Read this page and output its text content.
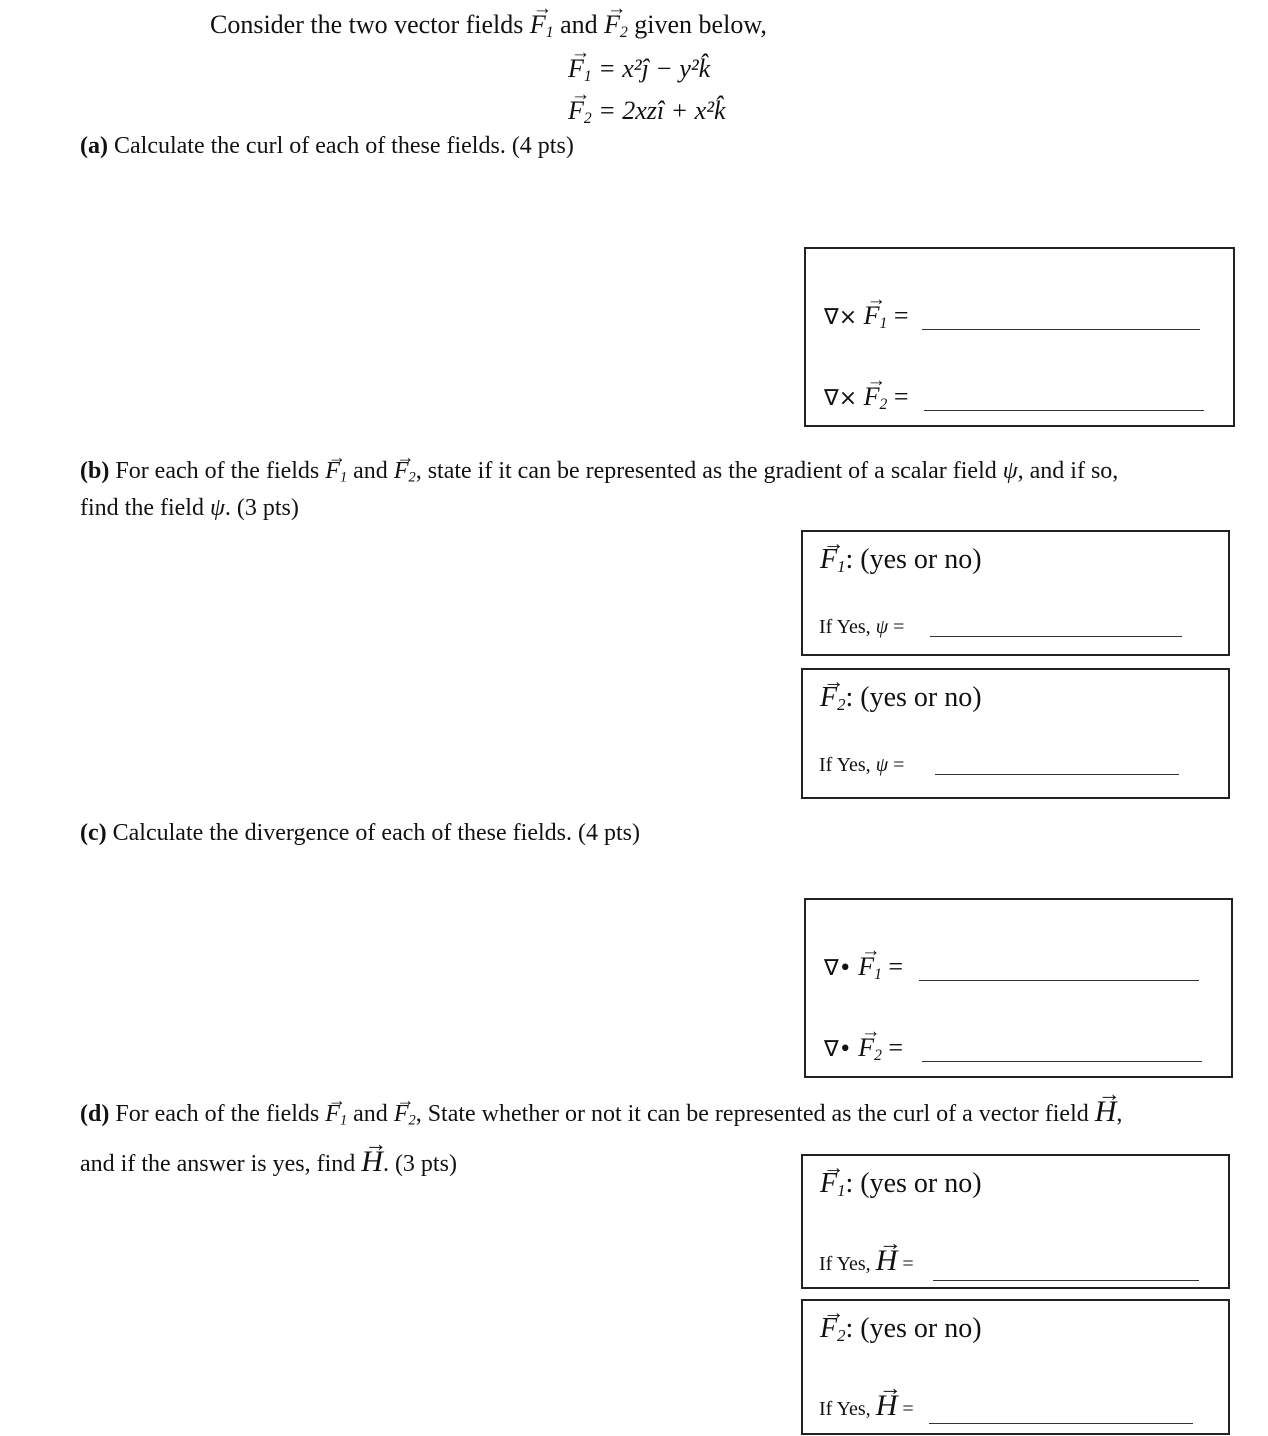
Consider the two vector fields → $F_1$ and → $F_2$ given below,
→ $F_1$ = x²ĵ − y²k̂
→ $F_2$ = 2xzî + x²k̂
(a) Calculate the curl of each of these fields. (4 pts)
∇× → $F_1$ =
∇× → $F_2$ =
(b) For each of the fields → $F_1$ and → $F_2$, state if it can be represented as the gradient of a scalar field ψ, and if so,
find the field ψ. (3 pts)
→ $F_1$: (yes or no)
If Yes, ψ =
→ $F_2$: (yes or no)
If Yes, ψ =
(c) Calculate the divergence of each of these fields. (4 pts)
∇• → $F_1$ =
∇• → $F_2$ =
(d) For each of the fields → $F_1$ and → $F_2$, State whether or not it can be represented as the curl of a vector field → H,
and if the answer is yes, find → H. (3 pts)
→ $F_1$: (yes or no)
If Yes, → H =
→ $F_2$: (yes or no)
If Yes, → H =
